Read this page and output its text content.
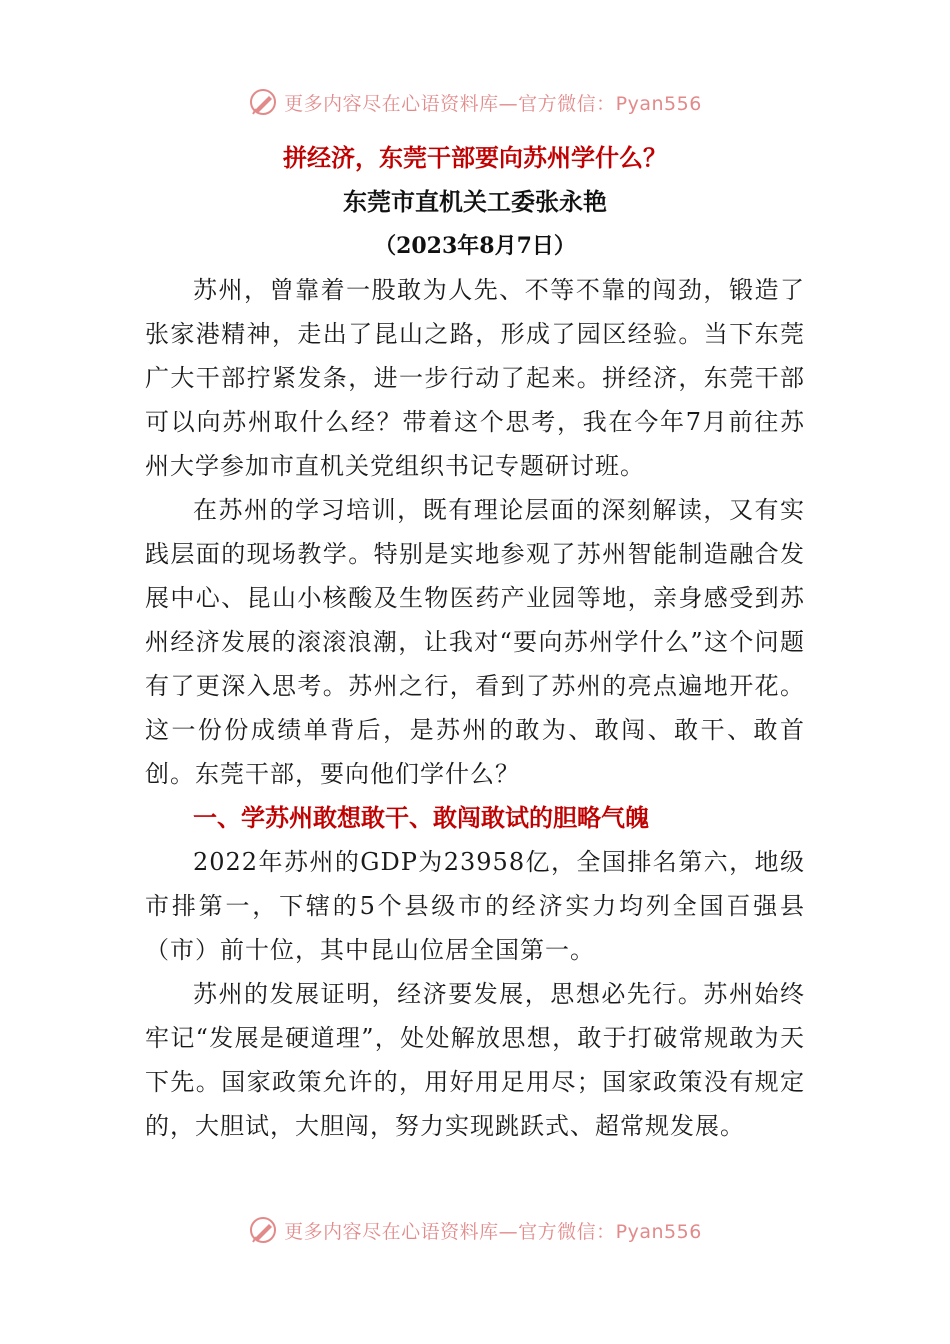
更多内容尽在心语资料库—官方微信：Pyan556

拼经济，东莞干部要向苏州学什么？

东莞市直机关工委张永艳

（2023年8月7日）

苏州，曾靠着一股敢为人先、不等不靠的闯劲，锻造了张家港精神，走出了昆山之路，形成了园区经验。当下东莞广大干部拧紧发条，进一步行动了起来。拼经济，东莞干部可以向苏州取什么经？带着这个思考，我在今年7月前往苏州大学参加市直机关党组织书记专题研讨班。

在苏州的学习培训，既有理论层面的深刻解读，又有实践层面的现场教学。特别是实地参观了苏州智能制造融合发展中心、昆山小核酸及生物医药产业园等地，亲身感受到苏州经济发展的滚滚浪潮，让我对“要向苏州学什么”这个问题有了更深入思考。苏州之行，看到了苏州的亮点遍地开花。这一份份成绩单背后，是苏州的敢为、敢闯、敢干、敢首创。东莞干部，要向他们学什么？

一、学苏州敢想敢干、敢闯敢试的胆略气魄

2022年苏州的GDP为23958亿，全国排名第六，地级市排第一，下辖的5个县级市的经济实力均列全国百强县（市）前十位，其中昆山位居全国第一。

苏州的发展证明，经济要发展，思想必先行。苏州始终牢记“发展是硬道理”，处处解放思想，敢于打破常规敢为天下先。国家政策允许的，用好用足用尽；国家政策没有规定的，大胆试，大胆闯，努力实现跳跃式、超常规发展。

更多内容尽在心语资料库—官方微信：Pyan556
